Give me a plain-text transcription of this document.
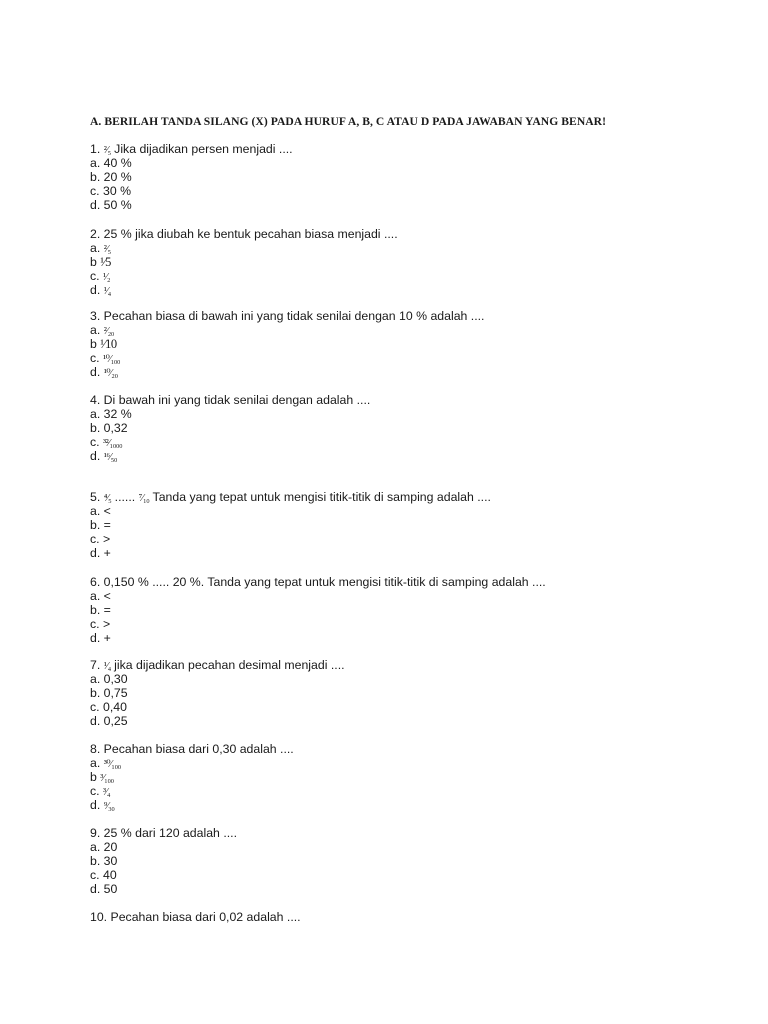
A. BERILAH TANDA SILANG (X) PADA HURUF A, B, C ATAU D PADA JAWABAN YANG BENAR!
1. ²⁄₅ Jika dijadikan persen menjadi ....
a. 40 %
b. 20 %
c. 30 %
d. 50 %
2. 25 % jika diubah ke bentuk pecahan biasa menjadi ....
a. ²⁄₅
b ¹⁄5
c. ¹⁄₂
d. ¹⁄₄
3. Pecahan biasa di bawah ini yang tidak senilai dengan 10 % adalah ....
a. ²⁄₂₀
b ¹⁄10
c. ¹⁰⁄₁₀₀
d. ¹⁰⁄₂₀
4. Di bawah ini yang tidak senilai dengan adalah ....
a. 32 %
b. 0,32
c. ³²⁄₁₀₀₀
d. ¹⁶⁄₅₀
5. ⁴⁄₅ ...... ⁷⁄₁₀ Tanda yang tepat untuk mengisi titik-titik di samping adalah ....
a. <
b. =
c. >
d. +
6. 0,150 % ..... 20 %. Tanda yang tepat untuk mengisi titik-titik di samping adalah ....
a. <
b. =
c. >
d. +
7. ¹⁄₄ jika dijadikan pecahan desimal menjadi ....
a. 0,30
b. 0,75
c. 0,40
d. 0,25
8. Pecahan biasa dari 0,30 adalah ....
a. ³⁰⁄₁₀₀
b ³⁄₁₀₀
c. ³⁄₄
d. ⁹⁄₃₀
9. 25 % dari 120 adalah ....
a. 20
b. 30
c. 40
d. 50
10. Pecahan biasa dari 0,02 adalah ....
